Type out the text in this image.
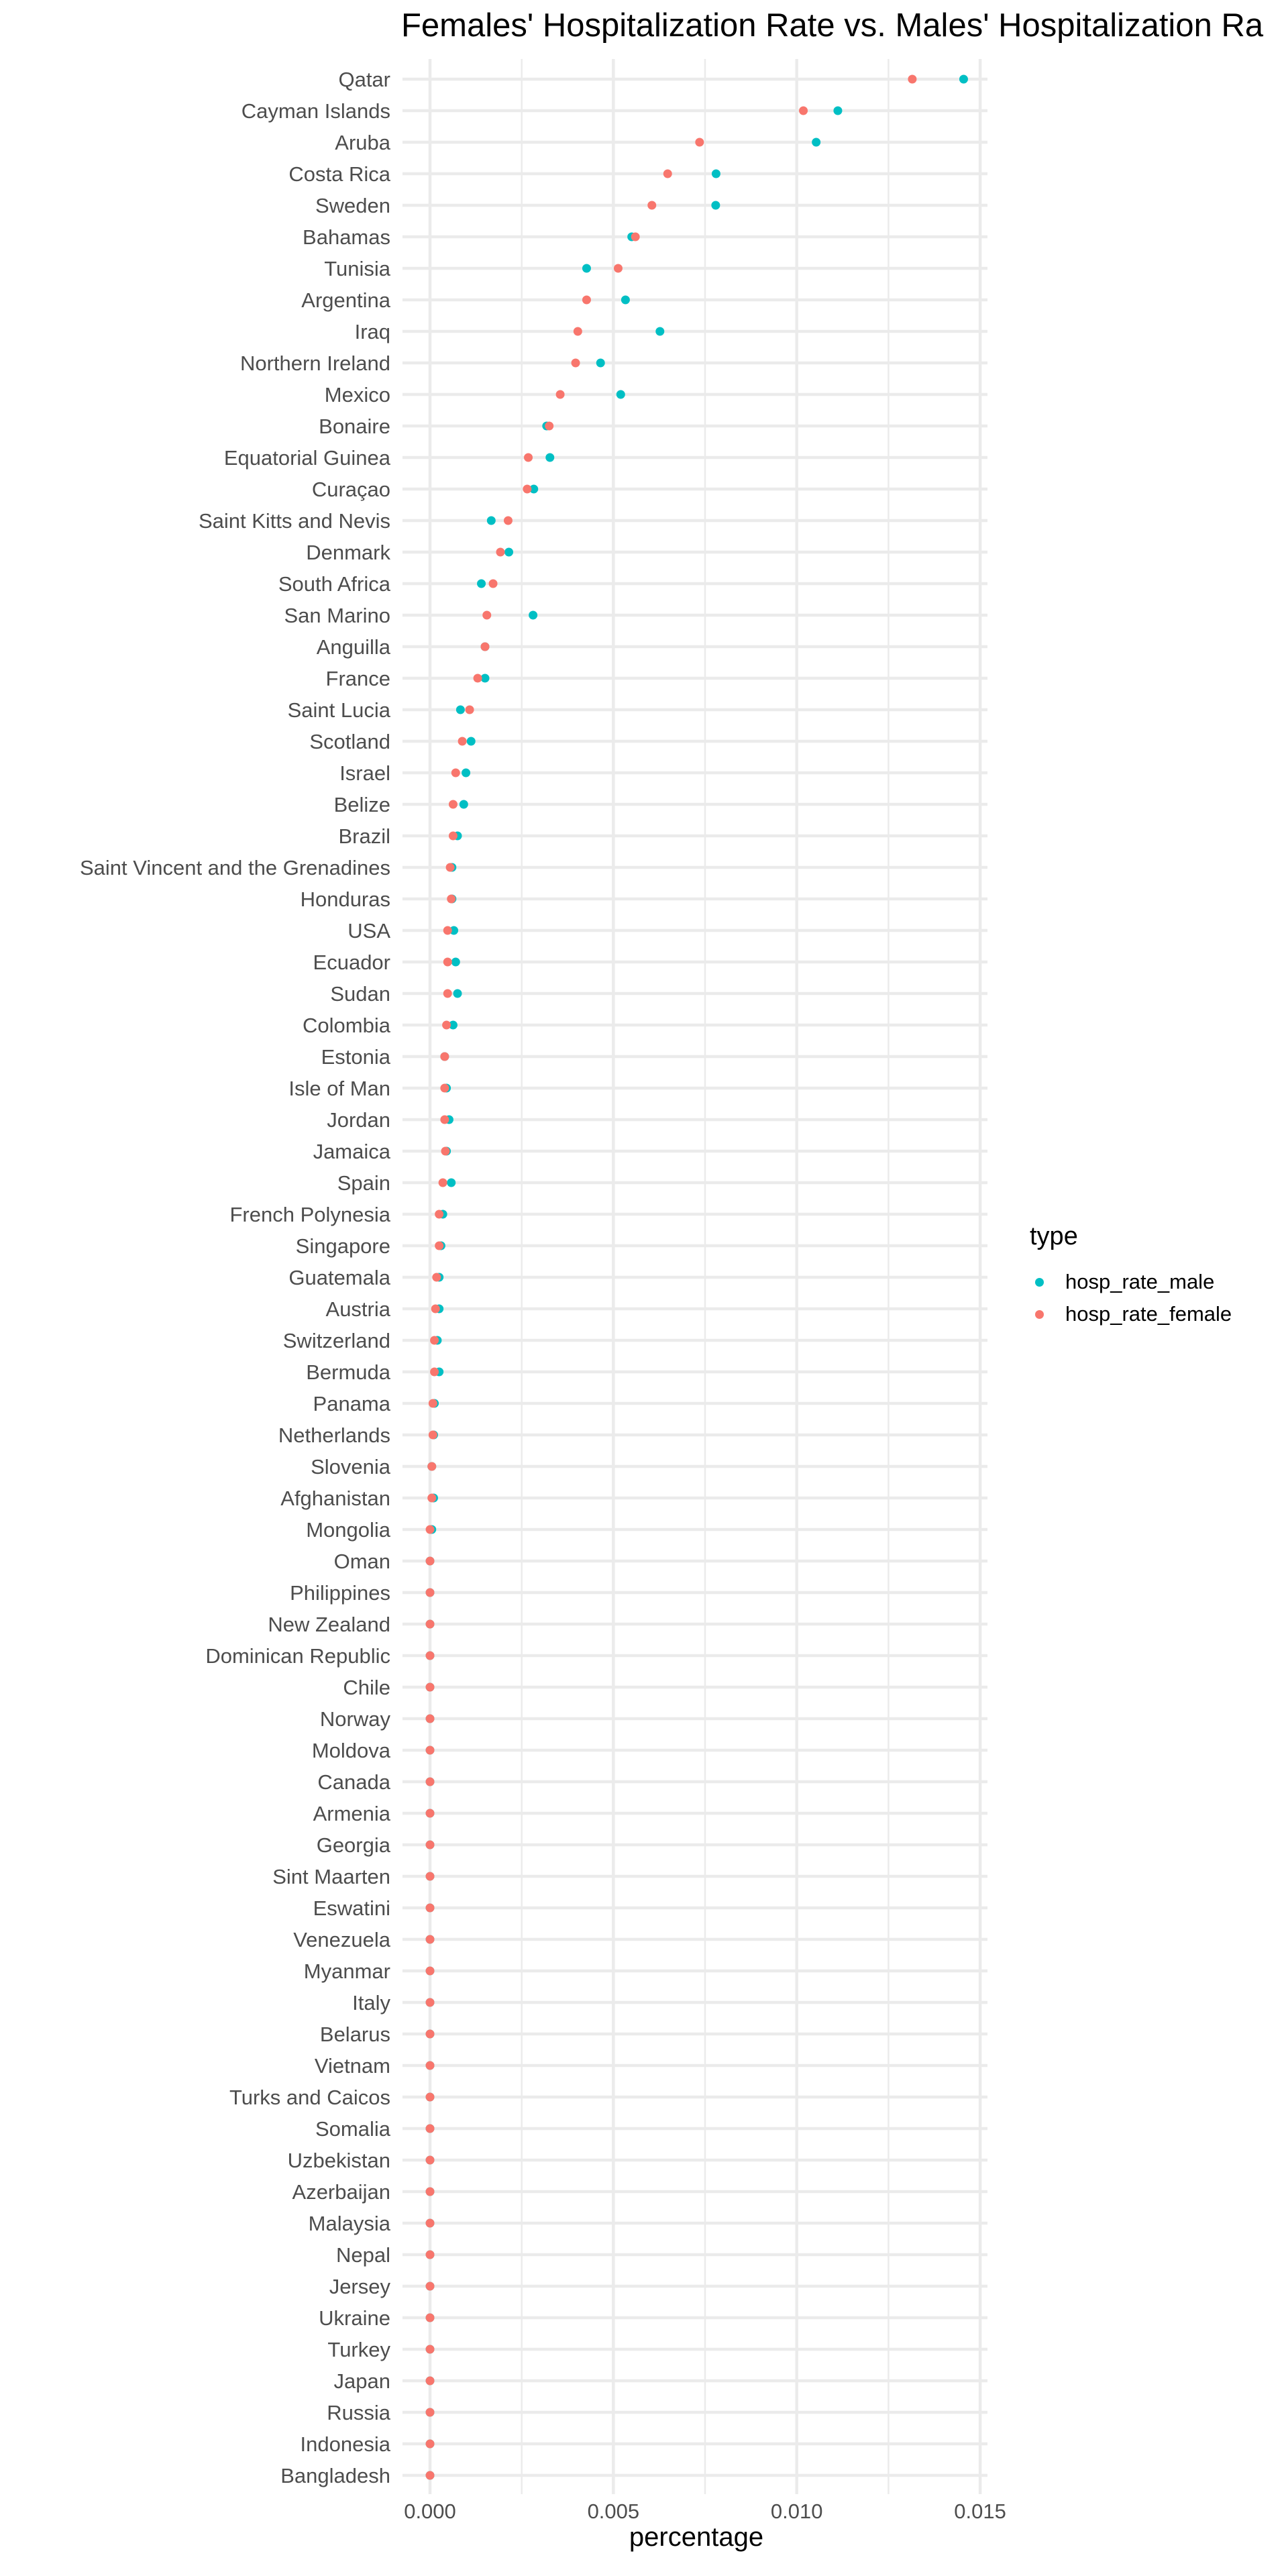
Qatar
Cayman Islands
Aruba
Costa Rica
Sweden
Bahamas
Tunisia
Argentina
Iraq
Northern Ireland
Mexico
Bonaire
Equatorial Guinea
Curaçao
Saint Kitts and Nevis
Denmark
South Africa
San Marino
Anguilla
France
Saint Lucia
Scotland
Israel
Belize
Brazil
Saint Vincent and the Grenadines
Honduras
USA
Ecuador
Sudan
Colombia
Estonia
Isle of Man
Jordan
Jamaica
Spain
French Polynesia
Singapore
Guatemala
Austria
Switzerland
Bermuda
Panama
Netherlands
Slovenia
Afghanistan
Mongolia
Oman
Philippines
New Zealand
Dominican Republic
Chile
Norway
Moldova
Canada
Armenia
Georgia
Sint Maarten
Eswatini
Venezuela
Myanmar
Italy
Belarus
Vietnam
Turks and Caicos
Somalia
Uzbekistan
Azerbaijan
Malaysia
Nepal
Jersey
Ukraine
Turkey
Japan
Russia
Indonesia
Bangladesh
0.000	0.005	0.010	0.015
Females' Hospitalization Rate vs. Males' Hospitalization Ra
percentage
type
hosp_rate_male
hosp_rate_female
